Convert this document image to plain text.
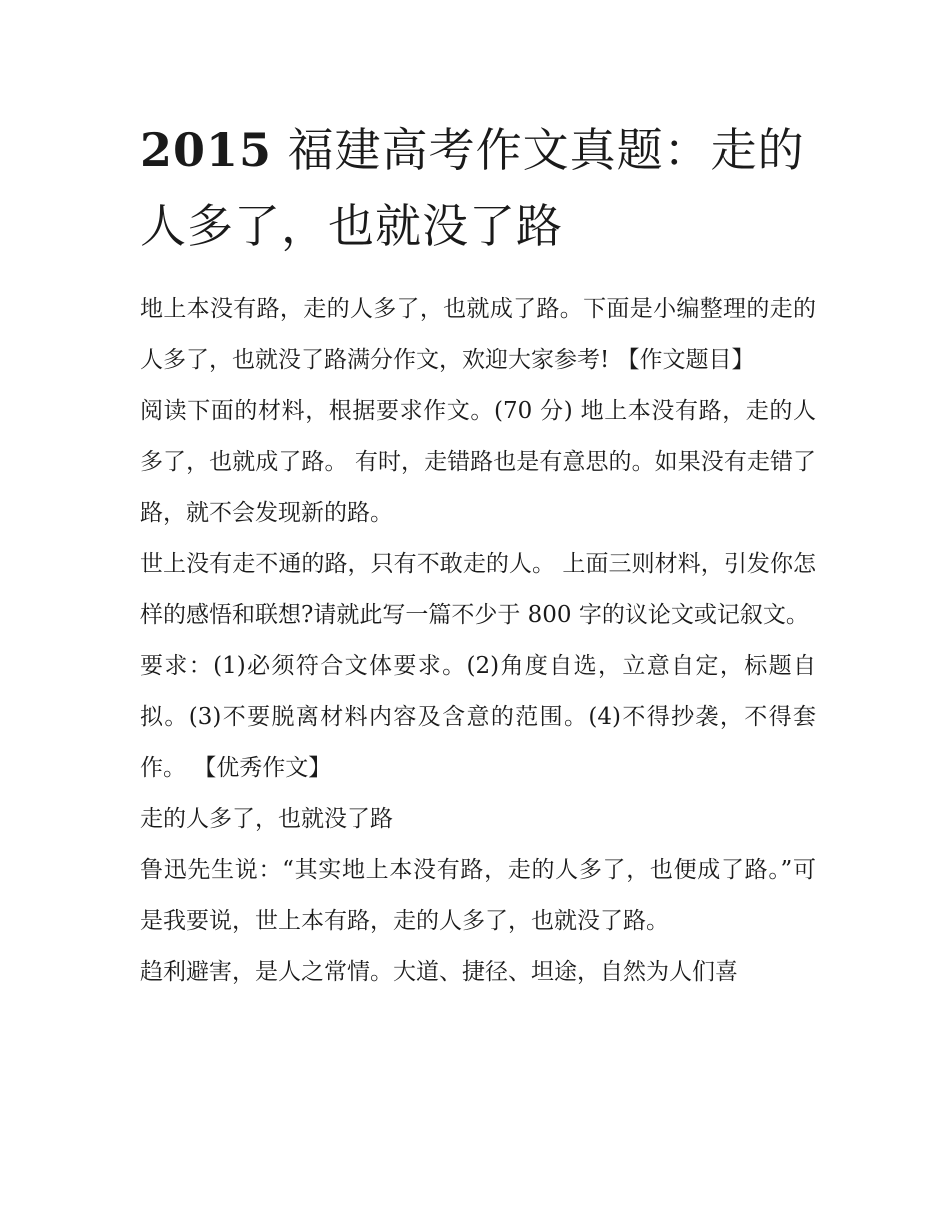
2015 福建高考作文真题：走的人多了，也就没了路

地上本没有路，走的人多了，也就成了路。下面是小编整理的走的人多了，也就没了路满分作文，欢迎大家参考! 【作文题目】

阅读下面的材料，根据要求作文。(70 分) 地上本没有路，走的人多了，也就成了路。 有时，走错路也是有意思的。如果没有走错了路，就不会发现新的路。

世上没有走不通的路，只有不敢走的人。 上面三则材料，引发你怎样的感悟和联想?请就此写一篇不少于 800 字的议论文或记叙文。

要求：(1)必须符合文体要求。(2)角度自选，立意自定，标题自拟。(3)不要脱离材料内容及含意的范围。(4)不得抄袭，不得套作。 【优秀作文】

走的人多了，也就没了路

鲁迅先生说：“其实地上本没有路，走的人多了，也便成了路。”可是我要说，世上本有路，走的人多了，也就没了路。

趋利避害，是人之常情。大道、捷径、坦途，自然为人们喜
